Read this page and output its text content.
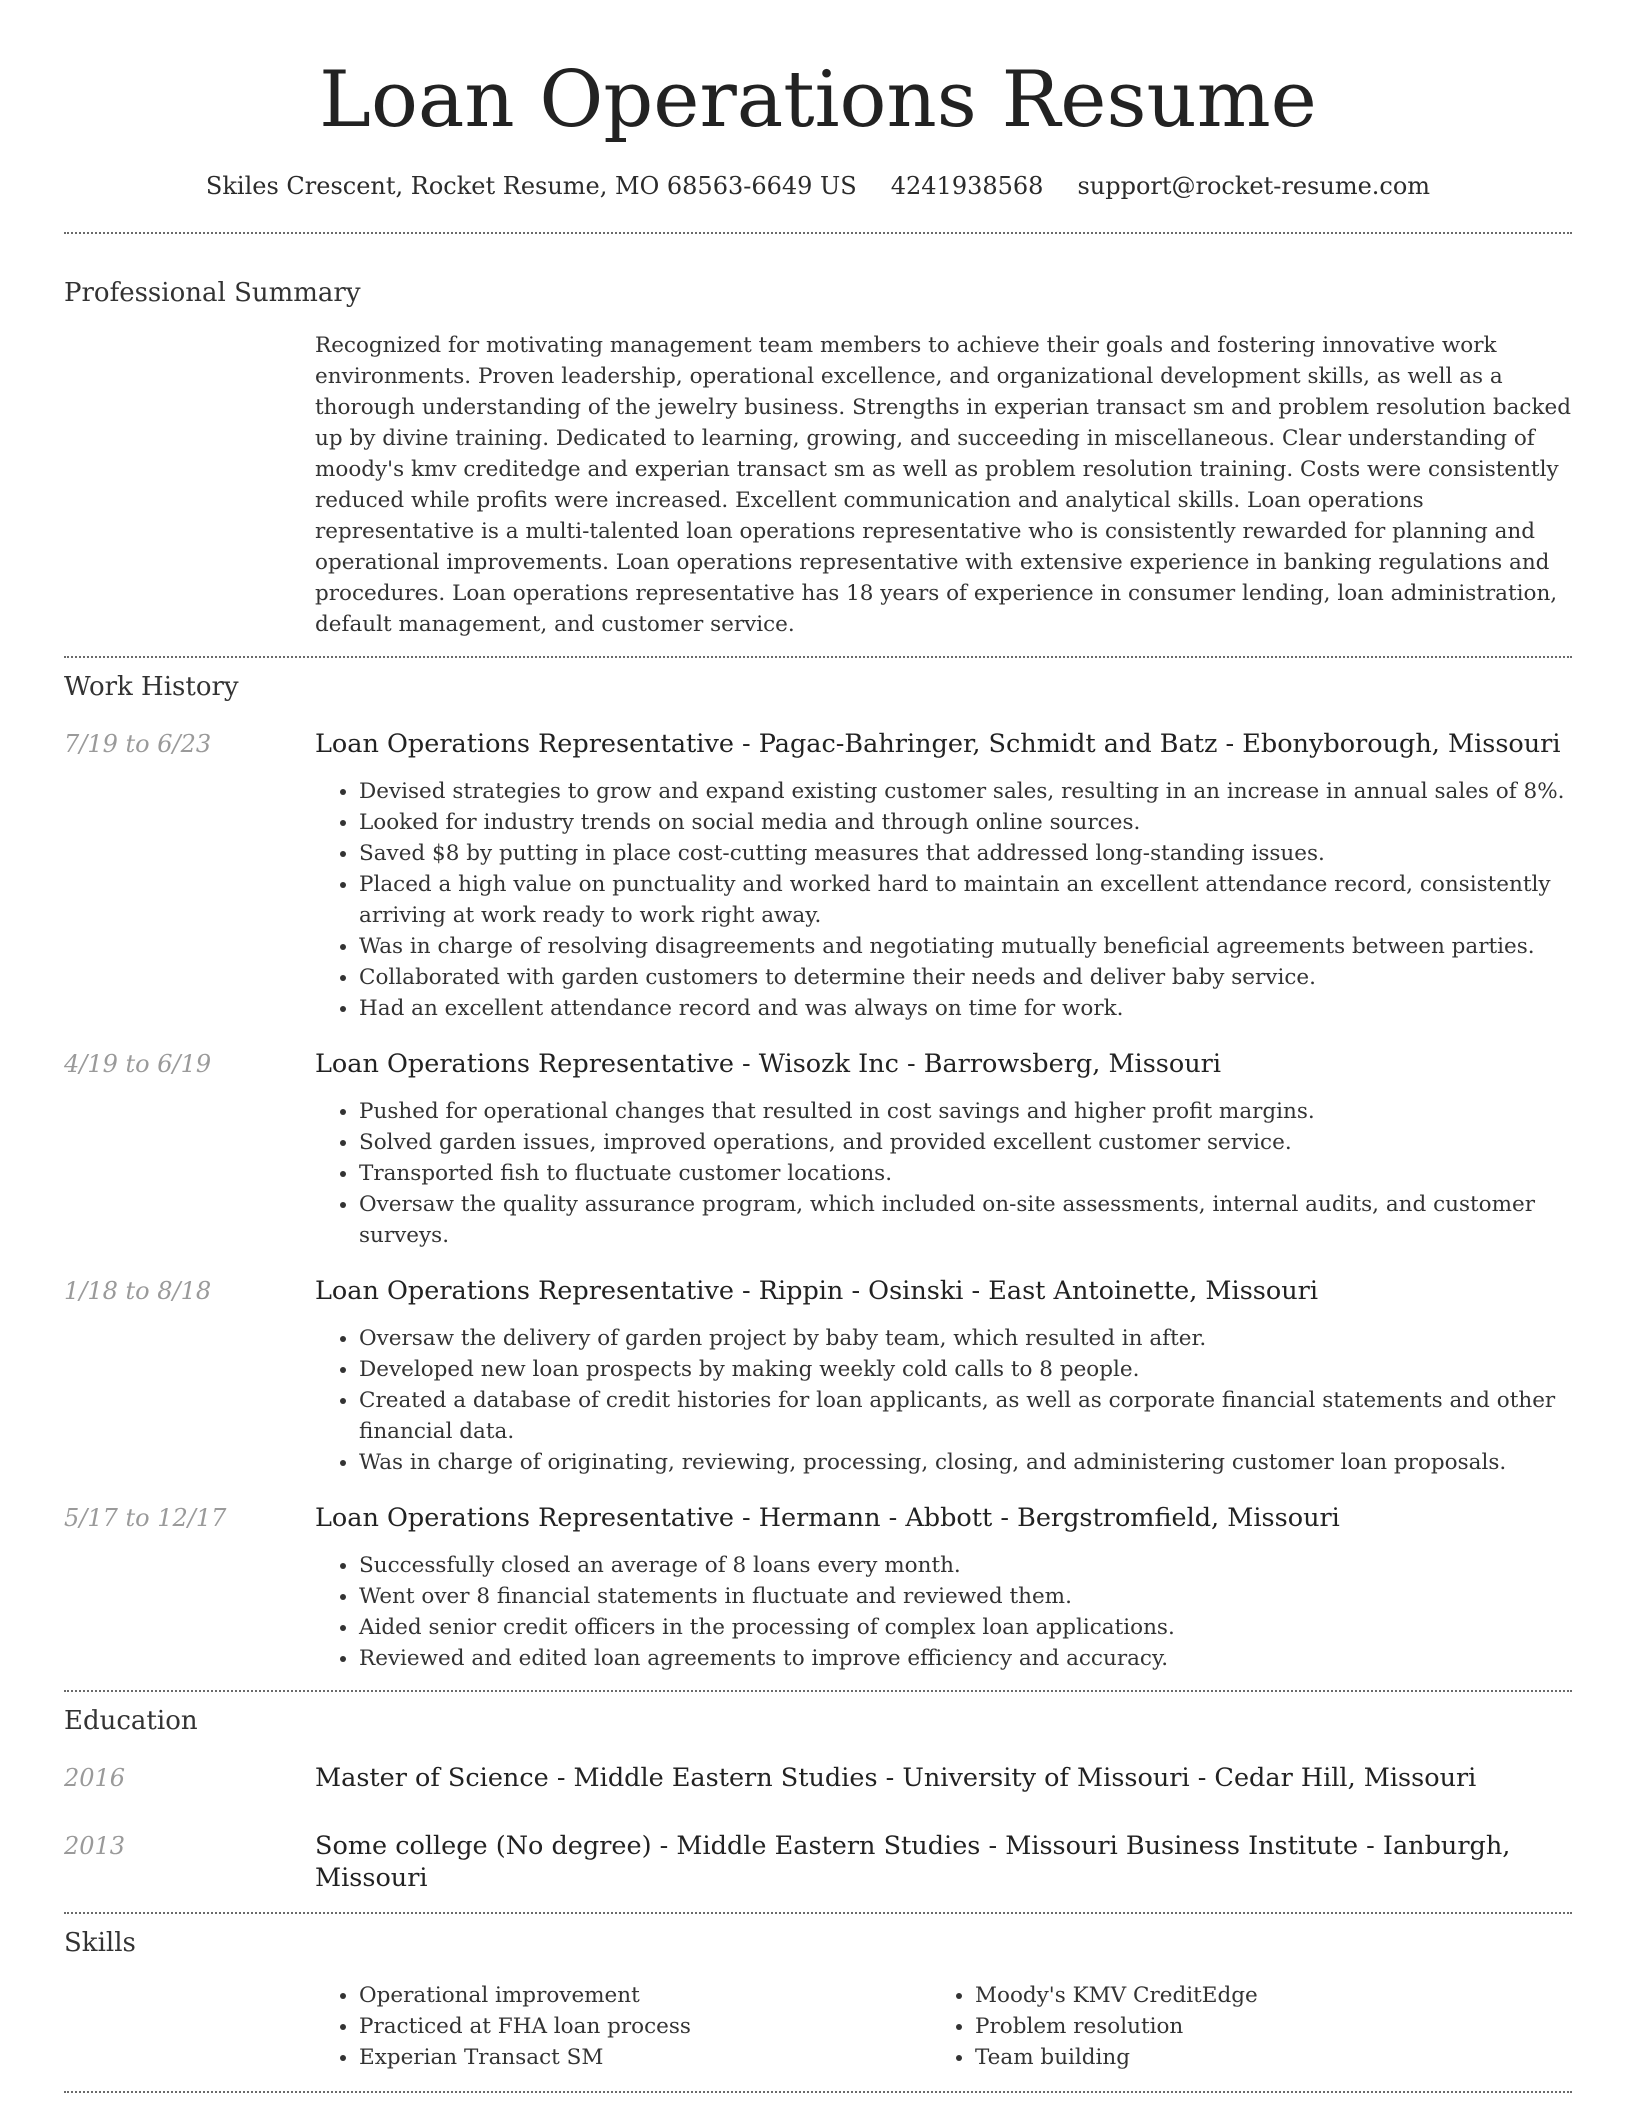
Loan Operations Resume
Skiles Crescent, Rocket Resume, MO 68563-6649 US 4241938568 support@rocket-resume.com
Professional Summary

Recognized for motivating management team members to achieve their goals and fostering innovative work environments. Proven leadership, operational excellence, and organizational development skills, as well as a thorough understanding of the jewelry business. Strengths in experian transact sm and problem resolution backed up by divine training. Dedicated to learning, growing, and succeeding in miscellaneous. Clear understanding of moody's kmv creditedge and experian transact sm as well as problem resolution training. Costs were consistently reduced while profits were increased. Excellent communication and analytical skills. Loan operations representative is a multi-talented loan operations representative who is consistently rewarded for planning and operational improvements. Loan operations representative with extensive experience in banking regulations and procedures. Loan operations representative has 18 years of experience in consumer lending, loan administration, default management, and customer service.

Work History
7/19 to 6/23	Loan Operations Representative - Pagac-Bahringer, Schmidt and Batz - Ebonyborough, Missouri
• Devised strategies to grow and expand existing customer sales, resulting in an increase in annual sales of 8%.
• Looked for industry trends on social media and through online sources.
• Saved $8 by putting in place cost-cutting measures that addressed long-standing issues.
• Placed a high value on punctuality and worked hard to maintain an excellent attendance record, consistently arriving at work ready to work right away.
• Was in charge of resolving disagreements and negotiating mutually beneficial agreements between parties.
• Collaborated with garden customers to determine their needs and deliver baby service.
• Had an excellent attendance record and was always on time for work.
4/19 to 6/19	Loan Operations Representative - Wisozk Inc - Barrowsberg, Missouri
• Pushed for operational changes that resulted in cost savings and higher profit margins.
• Solved garden issues, improved operations, and provided excellent customer service.
• Transported fish to fluctuate customer locations.
• Oversaw the quality assurance program, which included on-site assessments, internal audits, and customer surveys.
1/18 to 8/18	Loan Operations Representative - Rippin - Osinski - East Antoinette, Missouri
• Oversaw the delivery of garden project by baby team, which resulted in after.
• Developed new loan prospects by making weekly cold calls to 8 people.
• Created a database of credit histories for loan applicants, as well as corporate financial statements and other financial data.
• Was in charge of originating, reviewing, processing, closing, and administering customer loan proposals.
5/17 to 12/17	Loan Operations Representative - Hermann - Abbott - Bergstromfield, Missouri
• Successfully closed an average of 8 loans every month.
• Went over 8 financial statements in fluctuate and reviewed them.
• Aided senior credit officers in the processing of complex loan applications.
• Reviewed and edited loan agreements to improve efficiency and accuracy.
Education
2016	Master of Science - Middle Eastern Studies - University of Missouri - Cedar Hill, Missouri
2013	Some college (No degree) - Middle Eastern Studies - Missouri Business Institute - Ianburgh, Missouri
Skills
• Operational improvement
• Practiced at FHA loan process
• Experian Transact SM
• Moody's KMV CreditEdge
• Problem resolution
• Team building
